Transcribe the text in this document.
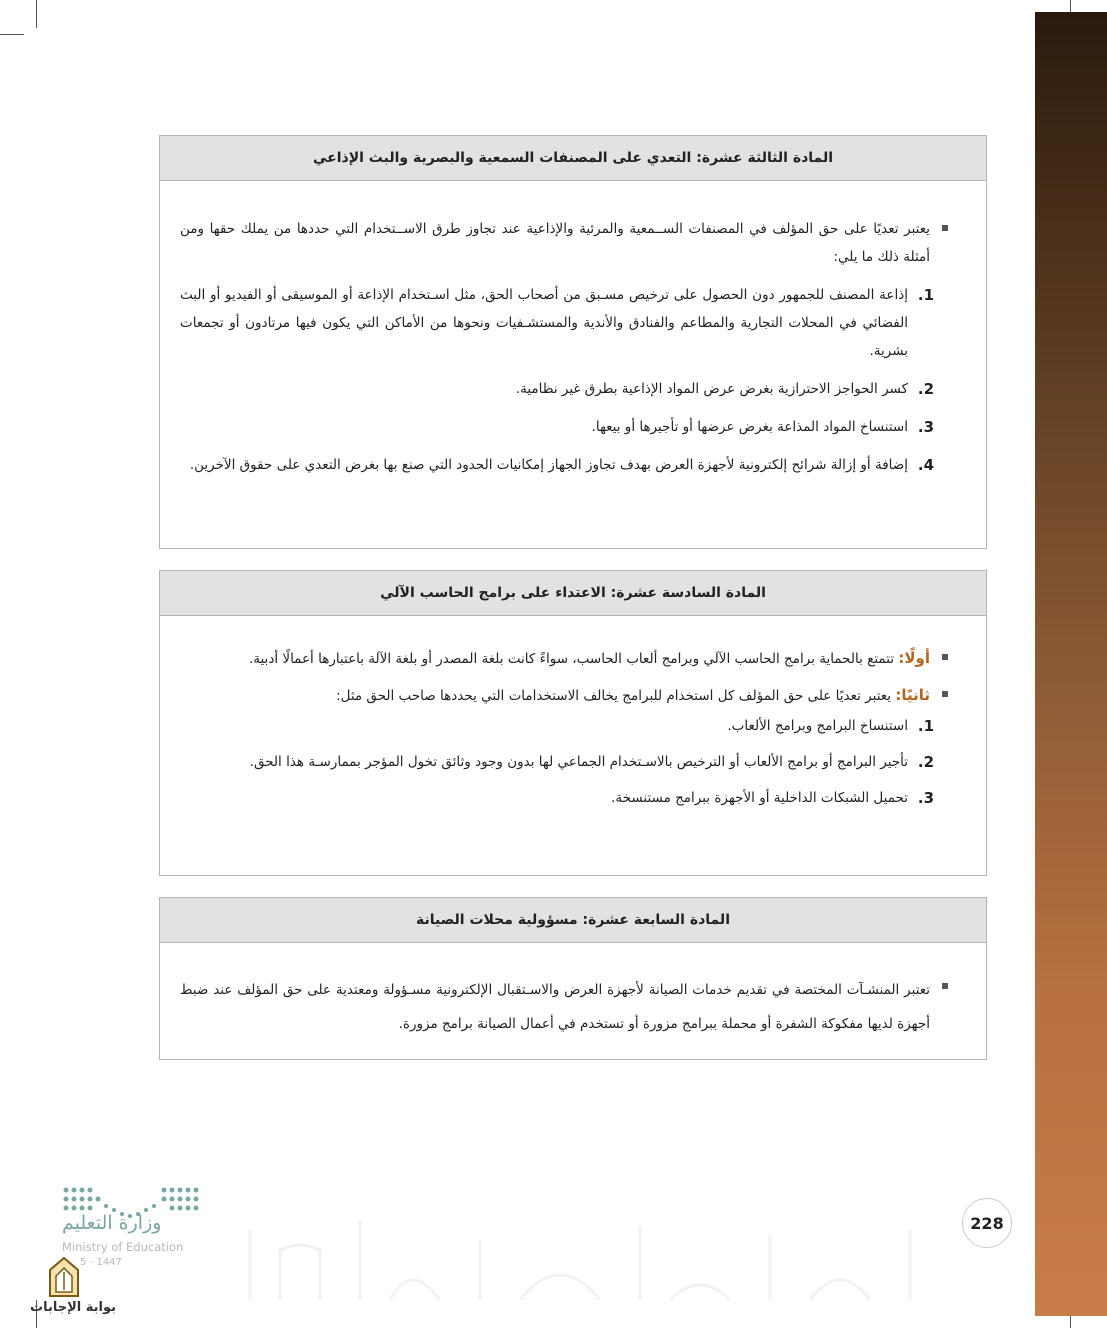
المادة الثالثة عشرة: التعدي على المصنفات السمعية والبصرية والبث الإذاعي
يعتبر تعديًا على حق المؤلف في المصنفات الســمعية والمرئية والإذاعية عند تجاوز طرق الاســتخدام التي حددها من يملك حقها ومن أمثلة ذلك ما يلي:
1.
إذاعة المصنف للجمهور دون الحصول على ترخيص مسـبق من أصحاب الحق، مثل اسـتخدام الإذاعة أو الموسيقى أو الفيديو أو البث الفضائي في المحلات التجارية والمطاعم والفنادق والأندية والمستشـفيات ونحوها من الأماكن التي يكون فيها مرتادون أو تجمعات بشرية.
2.
كسر الحواجز الاحترازية بغرض عرض المواد الإذاعية بطرق غير نظامية.
3.
استنساخ المواد المذاعة بغرض عرضها أو تأجيرها أو بيعها.
4.
إضافة أو إزالة شرائح إلكترونية لأجهزة العرض بهدف تجاوز الجهاز إمكانيات الحدود التي صنع بها بغرض التعدي على حقوق الآخرين.
المادة السادسة عشرة: الاعتداء على برامج الحاسب الآلي
أولًا: تتمتع بالحماية برامج الحاسب الآلي وبرامج ألعاب الحاسب، سواءً كانت بلغة المصدر أو بلغة الآلة باعتبارها أعمالًا أدبية.
ثانيًا: يعتبر تعديًا على حق المؤلف كل استخدام للبرامج يخالف الاستخدامات التي يحددها صاحب الحق مثل:
1.
استنساخ البرامج وبرامج الألعاب.
2.
تأجير البرامج أو برامج الألعاب أو الترخيص بالاسـتخدام الجماعي لها بدون وجود وثائق تخول المؤجر بممارسـة هذا الحق.
3.
تحميل الشبكات الداخلية أو الأجهزة ببرامج مستنسخة.
المادة السابعة عشرة: مسؤولية محلات الصيانة
تعتبر المنشـآت المختصة في تقديم خدمات الصيانة لأجهزة العرض والاسـتقبال الإلكترونية مسـؤولة ومعتدية على حق المؤلف عند ضبط أجهزة لديها مفكوكة الشفرة أو محملة ببرامج مزورة أو تستخدم في أعمال الصيانة برامج مزورة.
وزارة التعليم
Ministry of Education
5 - 1447
بوابة الإجابات
228
